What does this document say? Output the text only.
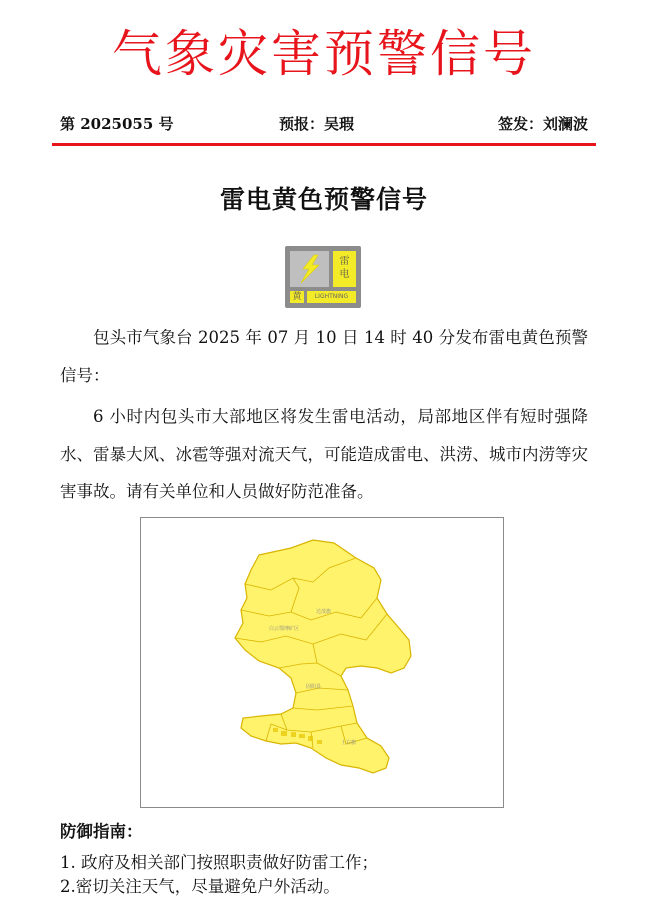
气象灾害预警信号
第 2025055 号	预报：吴瑕	签发：刘澜波
雷电黄色预警信号
雷
电
黄	LIGHTNING

包头市气象台 2025 年 07 月 10 日 14 时 40 分发布雷电黄色预警信号：

6 小时内包头市大部地区将发生雷电活动，局部地区伴有短时强降水、雷暴大风、冰雹等强对流天气，可能造成雷电、洪涝、城市内涝等灾害事故。请有关单位和人员做好防范准备。

达茂旗
白云鄂博矿区
固阳县
土右旗
防御指南：
1. 政府及相关部门按照职责做好防雷工作；
2.密切关注天气，尽量避免户外活动。
